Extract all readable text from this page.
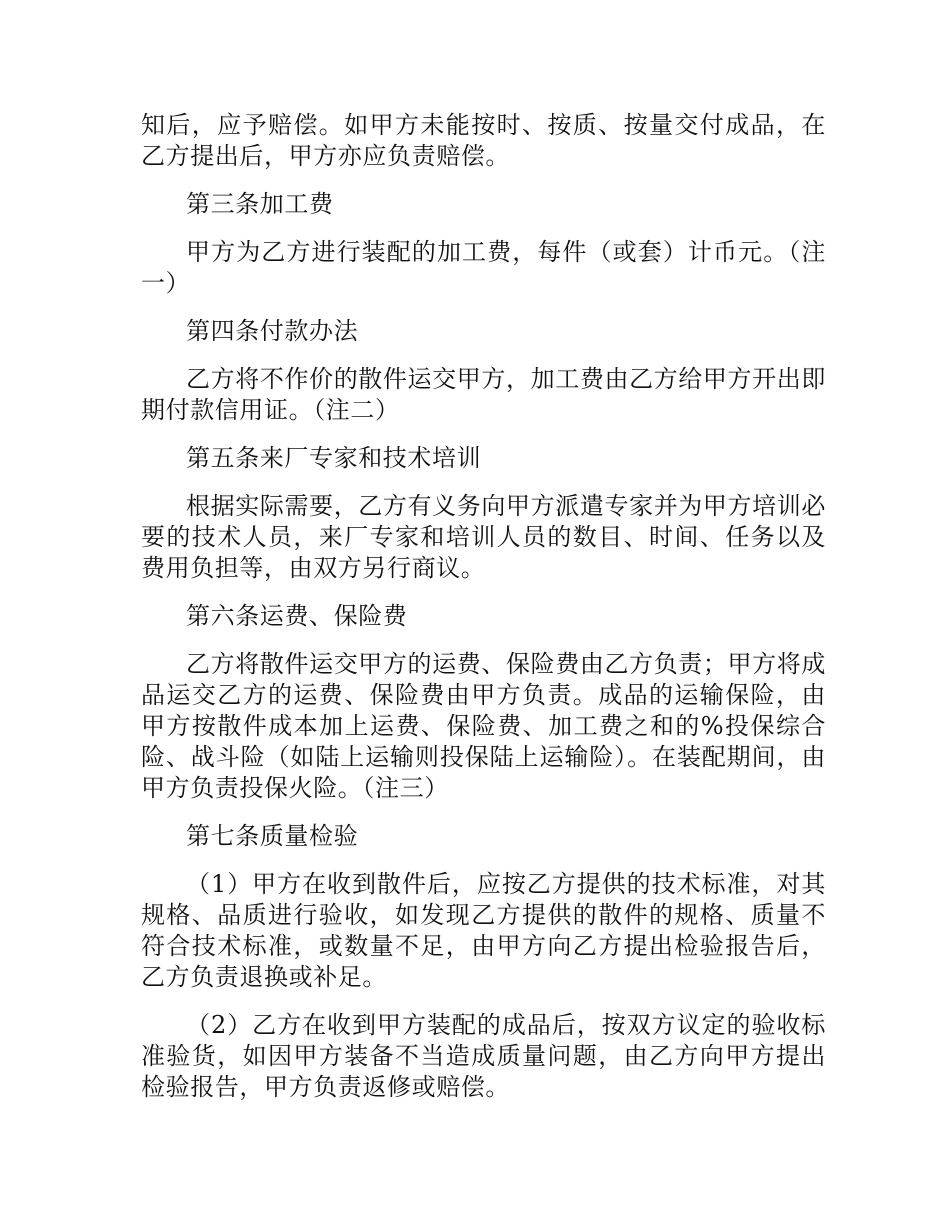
知后，应予赔偿。如甲方未能按时、按质、按量交付成品，在乙方提出后，甲方亦应负责赔偿。

第三条加工费

甲方为乙方进行装配的加工费，每件（或套）计币元。（注一）

第四条付款办法

乙方将不作价的散件运交甲方，加工费由乙方给甲方开出即期付款信用证。（注二）

第五条来厂专家和技术培训

根据实际需要，乙方有义务向甲方派遣专家并为甲方培训必要的技术人员，来厂专家和培训人员的数目、时间、任务以及费用负担等，由双方另行商议。

第六条运费、保险费

乙方将散件运交甲方的运费、保险费由乙方负责；甲方将成品运交乙方的运费、保险费由甲方负责。成品的运输保险，由甲方按散件成本加上运费、保险费、加工费之和的%投保综合险、战斗险（如陆上运输则投保陆上运输险）。在装配期间，由甲方负责投保火险。（注三）

第七条质量检验

（1）甲方在收到散件后，应按乙方提供的技术标准，对其规格、品质进行验收，如发现乙方提供的散件的规格、质量不符合技术标准，或数量不足，由甲方向乙方提出检验报告后，乙方负责退换或补足。

（2）乙方在收到甲方装配的成品后，按双方议定的验收标准验货，如因甲方装备不当造成质量问题，由乙方向甲方提出检验报告，甲方负责返修或赔偿。
